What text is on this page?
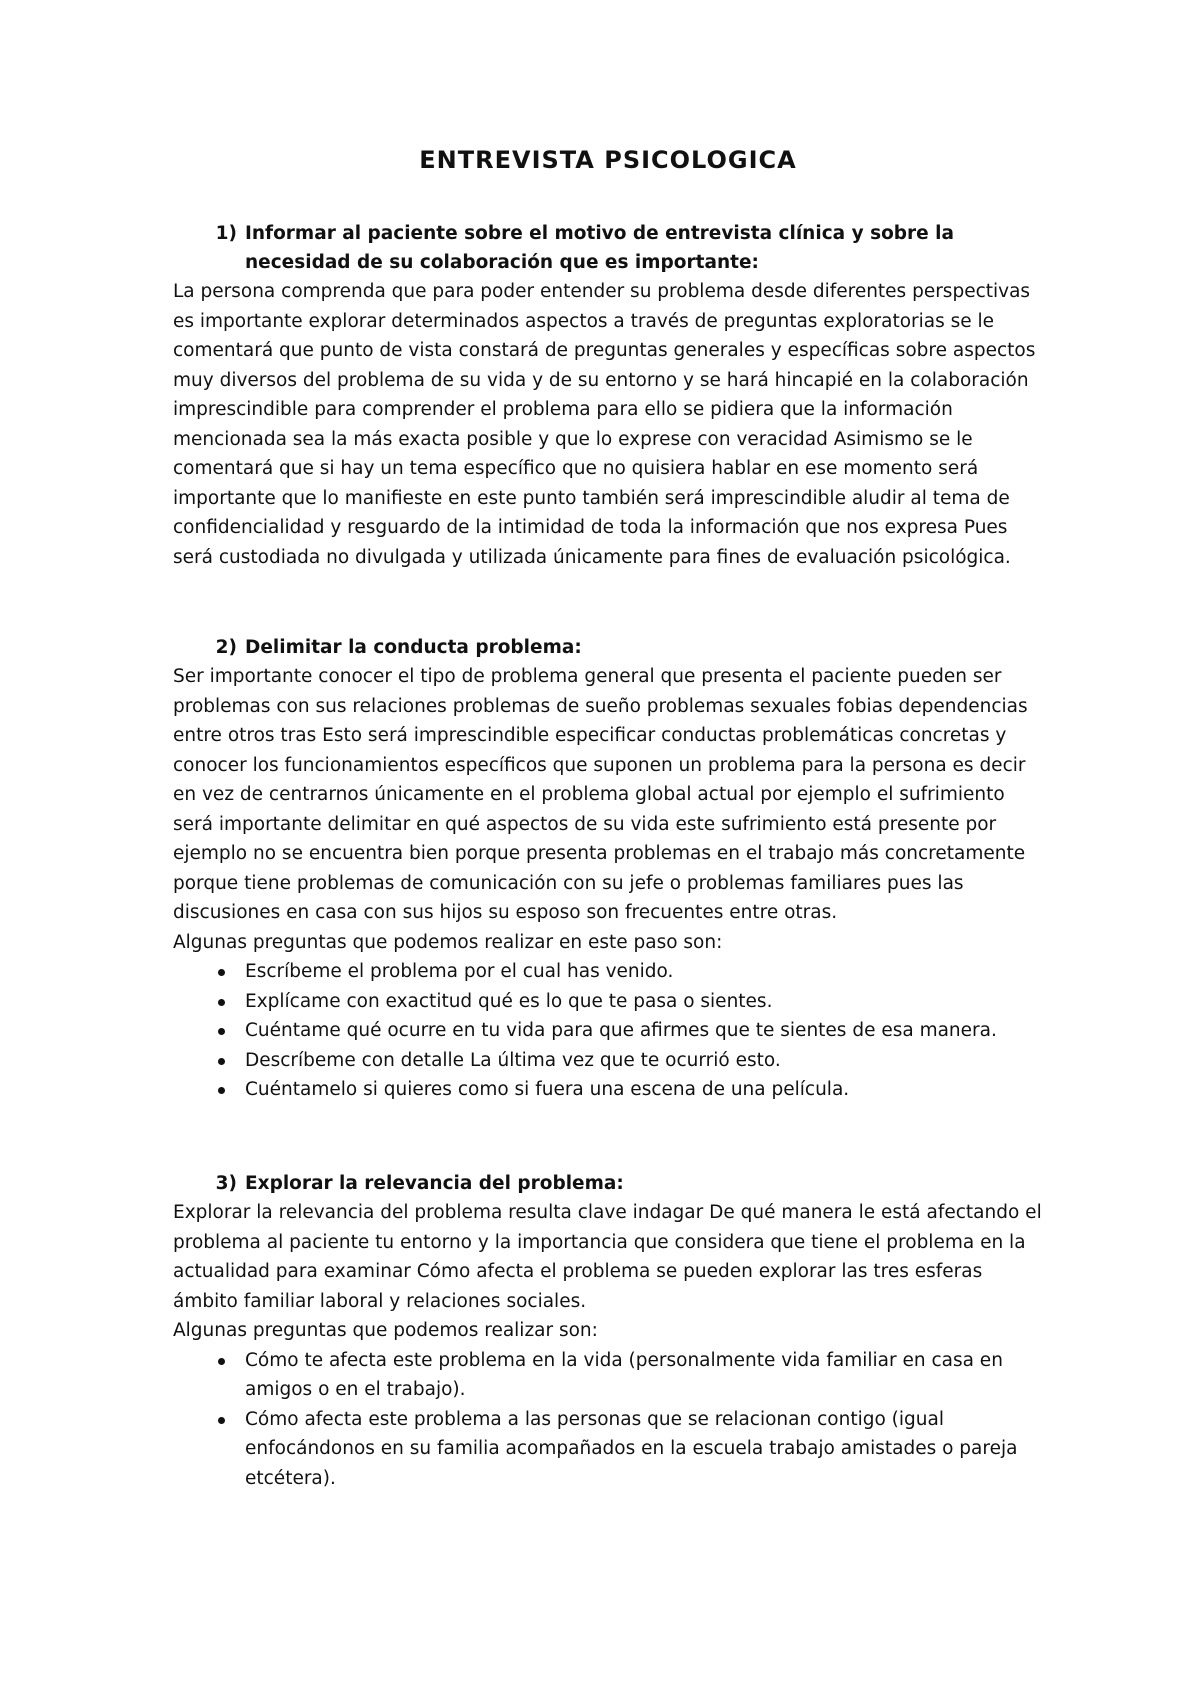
ENTREVISTA PSICOLOGICA
1) Informar al paciente sobre el motivo de entrevista clínica y sobre la necesidad de su colaboración que es importante:

La persona comprenda que para poder entender su problema desde diferentes perspectivas es importante explorar determinados aspectos a través de preguntas exploratorias se le comentará que punto de vista constará de preguntas generales y específicas sobre aspectos muy diversos del problema de su vida y de su entorno y se hará hincapié en la colaboración imprescindible para comprender el problema para ello se pidiera que la información mencionada sea la más exacta posible y que lo exprese con veracidad Asimismo se le comentará que si hay un tema específico que no quisiera hablar en ese momento será importante que lo manifieste en este punto también será imprescindible aludir al tema de confidencialidad y resguardo de la intimidad de toda la información que nos expresa Pues será custodiada no divulgada y utilizada únicamente para fines de evaluación psicológica.

2) Delimitar la conducta problema:

Ser importante conocer el tipo de problema general que presenta el paciente pueden ser problemas con sus relaciones problemas de sueño problemas sexuales fobias dependencias entre otros tras Esto será imprescindible especificar conductas problemáticas concretas y conocer los funcionamientos específicos que suponen un problema para la persona es decir en vez de centrarnos únicamente en el problema global actual por ejemplo el sufrimiento será importante delimitar en qué aspectos de su vida este sufrimiento está presente por ejemplo no se encuentra bien porque presenta problemas en el trabajo más concretamente porque tiene problemas de comunicación con su jefe o problemas familiares pues las discusiones en casa con sus hijos su esposo son frecuentes entre otras.

Algunas preguntas que podemos realizar en este paso son:

Escríbeme el problema por el cual has venido.
Explícame con exactitud qué es lo que te pasa o sientes.
Cuéntame qué ocurre en tu vida para que afirmes que te sientes de esa manera.
Descríbeme con detalle La última vez que te ocurrió esto.
Cuéntamelo si quieres como si fuera una escena de una película.
3) Explorar la relevancia del problema:

Explorar la relevancia del problema resulta clave indagar De qué manera le está afectando el problema al paciente tu entorno y la importancia que considera que tiene el problema en la actualidad para examinar Cómo afecta el problema se pueden explorar las tres esferas ámbito familiar laboral y relaciones sociales.

Algunas preguntas que podemos realizar son:

Cómo te afecta este problema en la vida (personalmente vida familiar en casa en amigos o en el trabajo).
Cómo afecta este problema a las personas que se relacionan contigo (igual enfocándonos en su familia acompañados en la escuela trabajo amistades o pareja etcétera).
